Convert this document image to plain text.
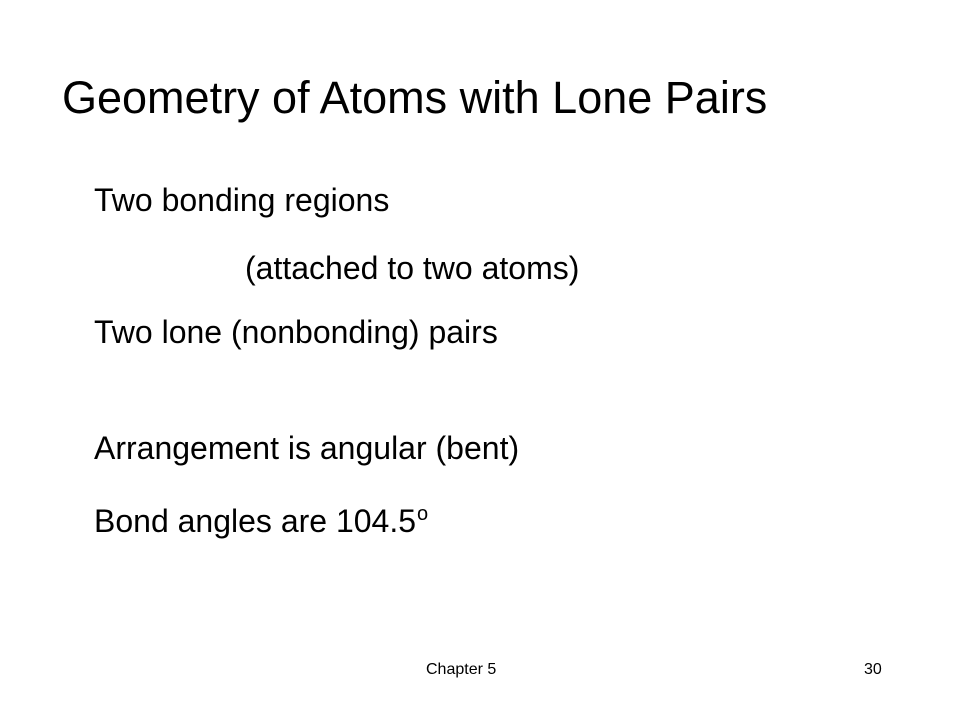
Geometry of Atoms with Lone Pairs
Two bonding regions
(attached to two atoms)
Two lone (nonbonding) pairs
Arrangement is angular (bent)
Bond angles are 104.5$^o$
Chapter 5	30
